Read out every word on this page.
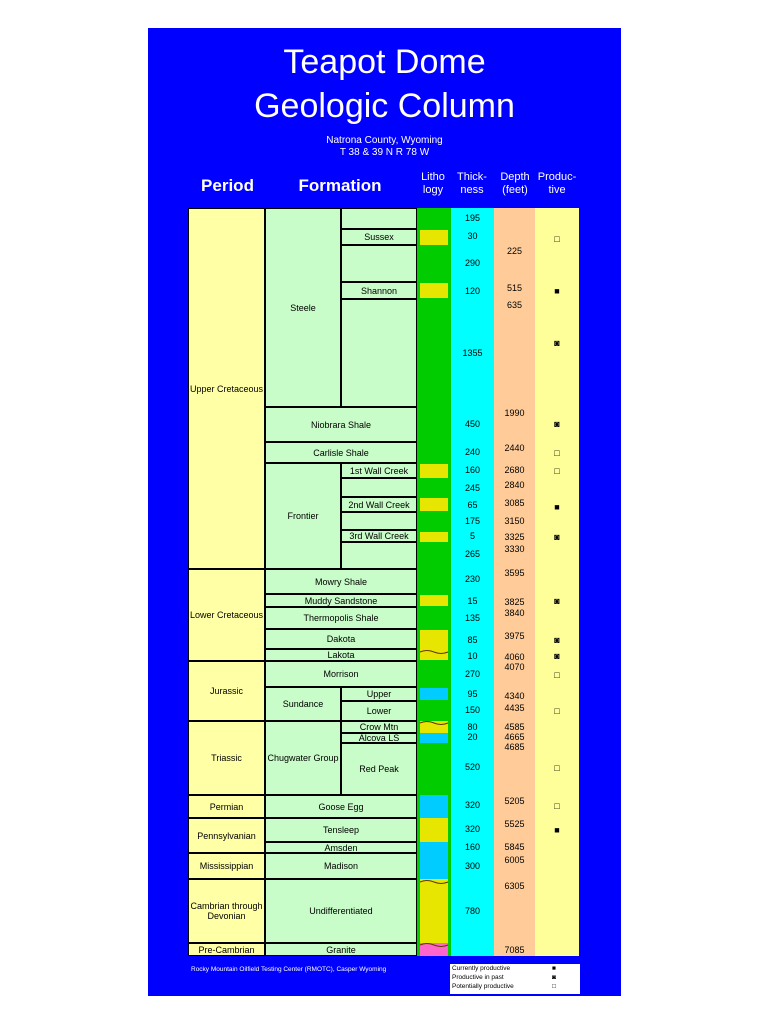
Teapot Dome
Geologic Column
Natrona County, Wyoming
T 38 & 39 N R 78 W
Period	Formation	Litho
logy
Thick-
ness
Depth
(feet)
Produc-
tive
Upper Cretaceous
Lower Cretaceous
Jurassic
Triassic
Permian
Pennsylvanian
Mississippian
Cambrian through Devonian
Pre-Cambrian
Steele
Sussex
Shannon
Niobrara Shale
Carlisle Shale
Frontier
1st Wall Creek
2nd Wall Creek
3rd Wall Creek
Mowry Shale
Muddy Sandstone
Thermopolis Shale
Dakota
Lakota
Morrison
Sundance
Upper
Lower
Chugwater Group
Crow Mtn
Alcova LS
Red Peak
Goose Egg
Tensleep
Amsden
Madison
Undifferentiated
Granite
195
30
290
120
1355
450
240
160
245
65
175
5
265
230
15
135
85
10
270
95
150
80
20
520
320
320
160
300
780
225
515
635
1990
2440
2680
2840
3085
3150
3325
3330
3595
3825
3840
3975
4060
4070
4340
4435
4585
4665
4685
5205
5525
5845
6005
6305
7085
□
■
◙
◙
□
□
■
◙
◙
◙
◙
□
□
□
□
■
Currently productive
Productive in past
Potentially productive
■
◙
□
Rocky Mountain Oilfield Testing Center (RMOTC), Casper Wyoming
